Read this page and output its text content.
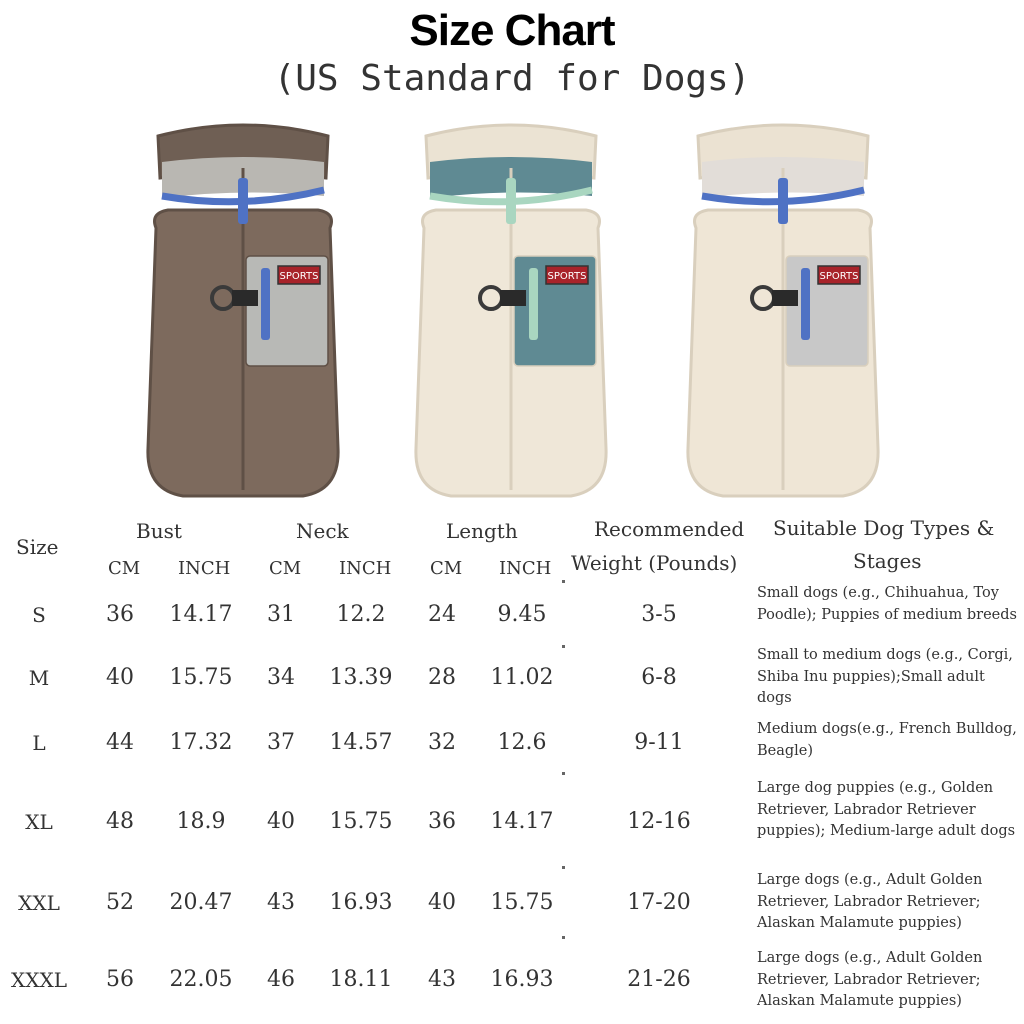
Size Chart
(US Standard for Dogs)
SPORTS	SPORTS	SPORTS
Size
Bust	Neck	Length	Recommended
Weight (Pounds)
Suitable Dog Types &
Stages
CM INCH CM INCH CM INCH
S	36 14.17 31 12.2 24 9.45	3-5
Small dogs (e.g., Chihuahua, Toy Poodle); Puppies of medium breeds
M	40 15.75 34 13.39 28 11.02	6-8
Small to medium dogs (e.g., Corgi, Shiba Inu puppies);Small adult dogs
L	44 17.32 37 14.57 32 12.6	9-11
Medium dogs(e.g., French Bulldog, Beagle)
XL 48 18.9 40 15.75 36 14.17	12-16
Large dog puppies (e.g., Golden Retriever, Labrador Retriever puppies); Medium-large adult dogs
XXL 52 20.47 43 16.93 40 15.75	17-20
Large dogs (e.g., Adult Golden Retriever, Labrador Retriever; Alaskan Malamute puppies)
XXXL 56 22.05 46 18.11 43 16.93	21-26
Large dogs (e.g., Adult Golden Retriever, Labrador Retriever; Alaskan Malamute puppies)
